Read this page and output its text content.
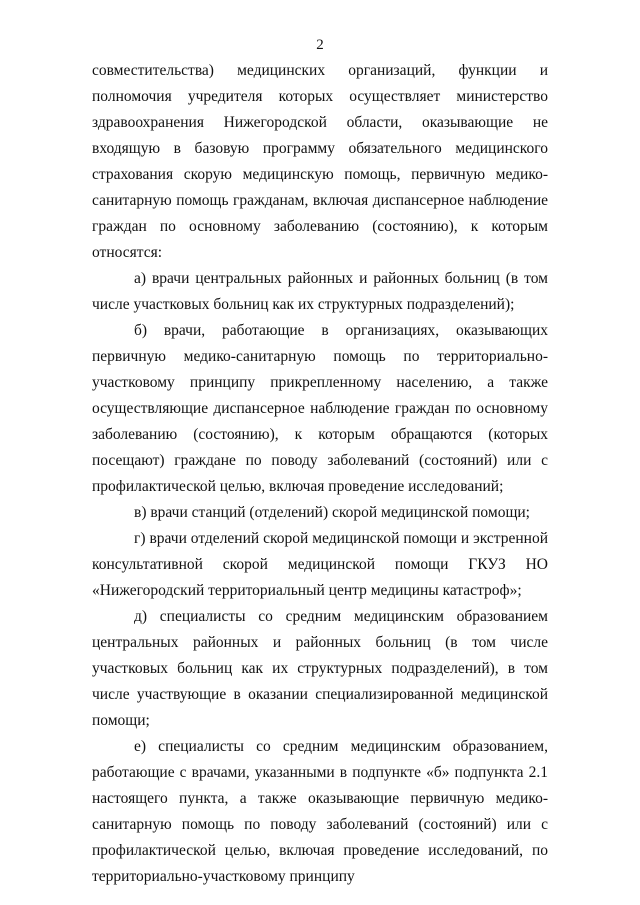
2

совместительства) медицинских организаций, функции и полномочия учредителя которых осуществляет министерство здравоохранения Нижегородской области, оказывающие не входящую в базовую программу обязательного медицинского страхования скорую медицинскую помощь, первичную медико-санитарную помощь гражданам, включая диспансерное наблюдение граждан по основному заболеванию (состоянию), к которым относятся:

а) врачи центральных районных и районных больниц (в том числе участковых больниц как их структурных подразделений);

б) врачи, работающие в организациях, оказывающих первичную медико-санитарную помощь по территориально-участковому принципу прикрепленному населению, а также осуществляющие диспансерное наблюдение граждан по основному заболеванию (состоянию), к которым обращаются (которых посещают) граждане по поводу заболеваний (состояний) или с профилактической целью, включая проведение исследований;

в) врачи станций (отделений) скорой медицинской помощи;

г) врачи отделений скорой медицинской помощи и экстренной консультативной скорой медицинской помощи ГКУЗ НО «Нижегородский территориальный центр медицины катастроф»;

д) специалисты со средним медицинским образованием центральных районных и районных больниц (в том числе участковых больниц как их структурных подразделений), в том числе участвующие в оказании специализированной медицинской помощи;

е) специалисты со средним медицинским образованием, работающие с врачами, указанными в подпункте «б» подпункта 2.1 настоящего пункта, а также оказывающие первичную медико-санитарную помощь по поводу заболеваний (состояний) или с профилактической целью, включая проведение исследований, по территориально-участковому принципу
